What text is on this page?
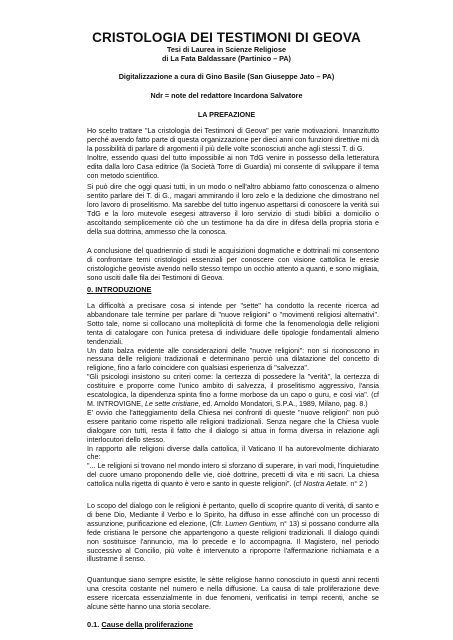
CRISTOLOGIA DEI TESTIMONI DI GEOVA
Tesi di Laurea in Scienze Religiose
di La Fata Baldassare (Partinico – PA)
Digitalizzazione a cura di Gino Basile (San Giuseppe Jato – PA)
Ndr = note del redattore Incardona Salvatore
LA PREFAZIONE

Ho scelto trattare "La cristologia dei Testimoni di Geova" per varie motivazioni. Innanzitutto perché avendo fatto parte di questa organizzazione per dieci anni con funzioni direttive mi dà la possibilità di parlare di argomenti il più delle volte sconosciuti anche agli stessi T. di G.

Inoltre, essendo quasi del tutto impossibile ai non TdG venire in possesso della letteratura edita dalla loro Casa editrice (la Società Torre di Guardia) mi consente di sviluppare il tema con metodo scientifico.

Si può dire che oggi quasi tutti, in un modo o nell'altro abbiamo fatto conoscenza o almeno sentito parlare dei T. di G., magari ammirando il loro zelo e la dedizione che dimostrano nel loro lavoro di proselitismo. Ma sarebbe del tutto ingenuo aspettarsi di conoscere la verità sui TdG e la loro mutevole esegesi attraverso il loro servizio di studi biblici a domicilio o ascoltando semplicemente ciò che un testimone ha da dire in difesa della propria storia e della sua dottrina, ammesso che la conosca.
A conclusione del quadriennio di studi le acquisizioni dogmatiche e dottrinali mi consentono di confrontare temi cristologici essenziali per conoscere con visione cattolica le eresie cristologiche geoviste avendo nello stesso tempo un occhio attento a quanti, e sono migliaia, sono usciti dalle fila dei Testimoni di Geova.
0. INTRODUZIONE

La difficoltà a precisare cosa si intende per "sette" ha condotto la recente ricerca ad abbandonare tale termine per parlare di "nuove religioni" o "movimenti religiosi alternativi". Sotto tale, nome si collocano una molteplicità di forme che la fenomenologia delle religioni tenta di catalogare con l'unica pretesa di individuare delle tipologie fondamentali almeno tendenziali.

Un dato balza evidente alle considerazioni delle "nuove religioni": non si riconoscono in nessuna delle religioni tradizionali e determinano perciò una dilatazione del concetto di religione, fino a farlo coincidere con qualsiasi esperienza di "salvezza".

"Gli psicologi insistono su criteri come: la certezza di possedere la "verità", la certezza di costituire e proporre come l'unico ambito di salvezza, il proselitismo aggressivo, l'ansia escatologica, la dipendenza spinta fino a forme morbose da un capo o guru, e così via". (cf M. INTROVIGNE, Le sette cristiane, ed. Arnoldo Mondatori, S.P.A., 1989, Milano, pag. 8.)

E' ovvio che l'atteggiamento della Chiesa nei confronti di queste "nuove religioni" non può essere paritario come rispetto alle religioni tradizionali. Senza negare che la Chiesa vuole dialogare con tutti, resta il fatto che il dialogo si attua in forma diversa in relazione agli interlocutori dello stesso.

In rapporto alle religioni diverse dalla cattolica, il Vaticano II ha autorevolmente dichiarato che:

"... Le religioni si trovano nel mondo intero si sforzano di superare, in vari modi, l'inquietudine del cuore umano proponendo delle vie, cioè dottrine, precetti di vita e riti sacri. La chiesa cattolica nulla rigetta di quanto è vero e santo in queste religioni". (cf Nostra Aetate. n° 2 )

Lo scopo del dialogo con le religioni è pertanto, quello di scoprire quanto di verità, di santo e di bene Dio, Mediante il Verbo e lo Spirito, ha diffuso in esse affinché con un processo di assunzione, purificazione ed elezione, (Cfr. Lumen Gentium, n° 13) si possano condurre alla fede cristiana le persone che appartengono a queste religioni tradizionali. Il dialogo quindi non sostituisce l'annuncio, ma lo precede e lo accompagna. Il Magistero, nel periodo successivo al Concilio, più volte è intervenuto a riproporre l'affermazione richiamata e a illustrarne il senso.
Quantunque siano sempre esistite, le sètte religiose hanno conosciuto in questi anni recenti una crescita costante nel numero e nella diffusione. La causa di tale proliferazione deve essere ricercata essenzialmente in due fenomeni, verificatisi in tempi recenti, anche se alcune sètte hanno una storia secolare.
0.1. Cause della proliferazione
